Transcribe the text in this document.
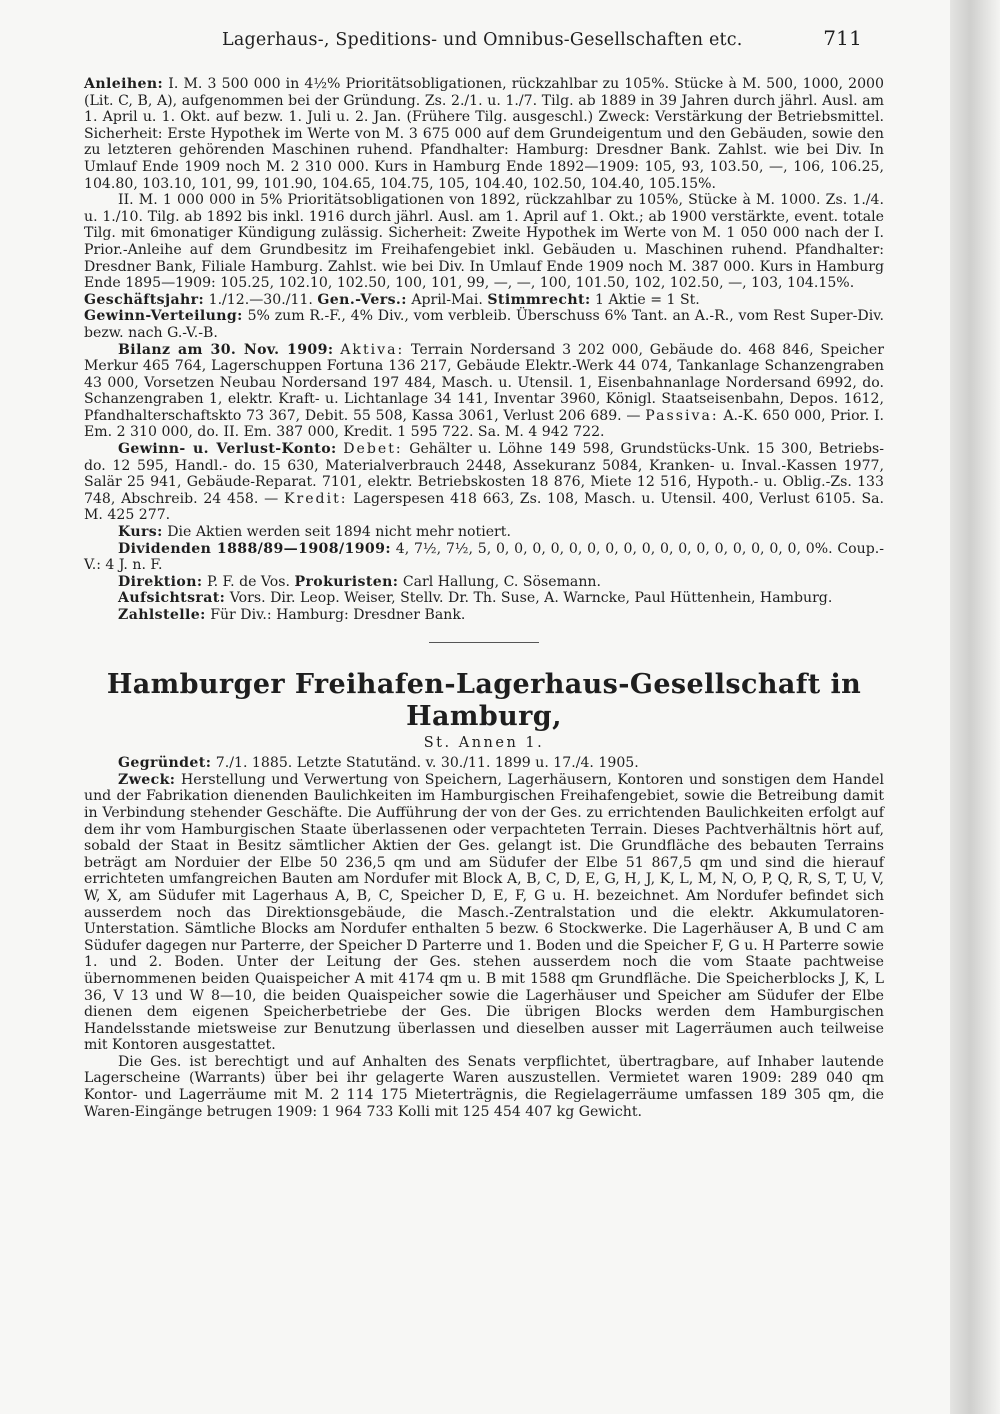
Lagerhaus-, Speditions- und Omnibus-Gesellschaften etc.	711

Anleihen: I. M. 3 500 000 in 4½% Prioritätsobligationen, rückzahlbar zu 105%. Stücke à M. 500, 1000, 2000 (Lit. C, B, A), aufgenommen bei der Gründung. Zs. 2./1. u. 1./7. Tilg. ab 1889 in 39 Jahren durch jährl. Ausl. am 1. April u. 1. Okt. auf bezw. 1. Juli u. 2. Jan. (Frühere Tilg. ausgeschl.) Zweck: Verstärkung der Betriebsmittel. Sicherheit: Erste Hypothek im Werte von M. 3 675 000 auf dem Grundeigentum und den Gebäuden, sowie den zu letzteren gehörenden Maschinen ruhend. Pfandhalter: Hamburg: Dresdner Bank. Zahlst. wie bei Div. In Umlauf Ende 1909 noch M. 2 310 000. Kurs in Hamburg Ende 1892—1909: 105, 93, 103.50, —, 106, 106.25, 104.80, 103.10, 101, 99, 101.90, 104.65, 104.75, 105, 104.40, 102.50, 104.40, 105.15%.

II. M. 1 000 000 in 5% Prioritätsobligationen von 1892, rückzahlbar zu 105%, Stücke à M. 1000. Zs. 1./4. u. 1./10. Tilg. ab 1892 bis inkl. 1916 durch jährl. Ausl. am 1. April auf 1. Okt.; ab 1900 verstärkte, event. totale Tilg. mit 6monatiger Kündigung zulässig. Sicherheit: Zweite Hypothek im Werte von M. 1 050 000 nach der I. Prior.-Anleihe auf dem Grundbesitz im Freihafengebiet inkl. Gebäuden u. Maschinen ruhend. Pfandhalter: Dresdner Bank, Filiale Hamburg. Zahlst. wie bei Div. In Umlauf Ende 1909 noch M. 387 000. Kurs in Hamburg Ende 1895—1909: 105.25, 102.10, 102.50, 100, 101, 99, —, —, 100, 101.50, 102, 102.50, —, 103, 104.15%.

Geschäftsjahr: 1./12.—30./11. Gen.-Vers.: April-Mai. Stimmrecht: 1 Aktie = 1 St.

Gewinn-Verteilung: 5% zum R.-F., 4% Div., vom verbleib. Überschuss 6% Tant. an A.-R., vom Rest Super-Div. bezw. nach G.-V.-B.

Bilanz am 30. Nov. 1909: Aktiva: Terrain Nordersand 3 202 000, Gebäude do. 468 846, Speicher Merkur 465 764, Lagerschuppen Fortuna 136 217, Gebäude Elektr.-Werk 44 074, Tankanlage Schanzengraben 43 000, Vorsetzen Neubau Nordersand 197 484, Masch. u. Utensil. 1, Eisenbahnanlage Nordersand 6992, do. Schanzengraben 1, elektr. Kraft- u. Lichtanlage 34 141, Inventar 3960, Königl. Staatseisenbahn, Depos. 1612, Pfandhalterschaftskto 73 367, Debit. 55 508, Kassa 3061, Verlust 206 689. — Passiva: A.-K. 650 000, Prior. I. Em. 2 310 000, do. II. Em. 387 000, Kredit. 1 595 722. Sa. M. 4 942 722.

Gewinn- u. Verlust-Konto: Debet: Gehälter u. Löhne 149 598, Grundstücks-Unk. 15 300, Betriebs- do. 12 595, Handl.- do. 15 630, Materialverbrauch 2448, Assekuranz 5084, Kranken- u. Inval.-Kassen 1977, Salär 25 941, Gebäude-Reparat. 7101, elektr. Betriebskosten 18 876, Miete 12 516, Hypoth.- u. Oblig.-Zs. 133 748, Abschreib. 24 458. — Kredit: Lagerspesen 418 663, Zs. 108, Masch. u. Utensil. 400, Verlust 6105. Sa. M. 425 277.

Kurs: Die Aktien werden seit 1894 nicht mehr notiert.

Dividenden 1888/89—1908/1909: 4, 7½, 7½, 5, 0, 0, 0, 0, 0, 0, 0, 0, 0, 0, 0, 0, 0, 0, 0, 0, 0, 0%. Coup.-V.: 4 J. n. F.

Direktion: P. F. de Vos. Prokuristen: Carl Hallung, C. Sösemann.

Aufsichtsrat: Vors. Dir. Leop. Weiser, Stellv. Dr. Th. Suse, A. Warncke, Paul Hüttenhein, Hamburg.

Zahlstelle: Für Div.: Hamburg: Dresdner Bank.

Hamburger Freihafen-Lagerhaus-Gesellschaft in Hamburg,
St. Annen 1.

Gegründet: 7./1. 1885. Letzte Statutänd. v. 30./11. 1899 u. 17./4. 1905.

Zweck: Herstellung und Verwertung von Speichern, Lagerhäusern, Kontoren und sonstigen dem Handel und der Fabrikation dienenden Baulichkeiten im Hamburgischen Freihafengebiet, sowie die Betreibung damit in Verbindung stehender Geschäfte. Die Aufführung der von der Ges. zu errichtenden Baulichkeiten erfolgt auf dem ihr vom Hamburgischen Staate überlassenen oder verpachteten Terrain. Dieses Pachtverhältnis hört auf, sobald der Staat in Besitz sämtlicher Aktien der Ges. gelangt ist. Die Grundfläche des bebauten Terrains beträgt am Norduier der Elbe 50 236,5 qm und am Südufer der Elbe 51 867,5 qm und sind die hierauf errichteten umfangreichen Bauten am Nordufer mit Block A, B, C, D, E, G, H, J, K, L, M, N, O, P, Q, R, S, T, U, V, W, X, am Südufer mit Lagerhaus A, B, C, Speicher D, E, F, G u. H. bezeichnet. Am Nordufer befindet sich ausserdem noch das Direktionsgebäude, die Masch.-Zentralstation und die elektr. Akkumulatoren-Unterstation. Sämtliche Blocks am Nordufer enthalten 5 bezw. 6 Stockwerke. Die Lagerhäuser A, B und C am Südufer dagegen nur Parterre, der Speicher D Parterre und 1. Boden und die Speicher F, G u. H Parterre sowie 1. und 2. Boden. Unter der Leitung der Ges. stehen ausserdem noch die vom Staate pachtweise übernommenen beiden Quaispeicher A mit 4174 qm u. B mit 1588 qm Grundfläche. Die Speicherblocks J, K, L 36, V 13 und W 8—10, die beiden Quaispeicher sowie die Lagerhäuser und Speicher am Südufer der Elbe dienen dem eigenen Speicherbetriebe der Ges. Die übrigen Blocks werden dem Hamburgischen Handelsstande mietsweise zur Benutzung überlassen und dieselben ausser mit Lagerräumen auch teilweise mit Kontoren ausgestattet.

Die Ges. ist berechtigt und auf Anhalten des Senats verpflichtet, übertragbare, auf Inhaber lautende Lagerscheine (Warrants) über bei ihr gelagerte Waren auszustellen. Vermietet waren 1909: 289 040 qm Kontor- und Lagerräume mit M. 2 114 175 Mieterträgnis, die Regielagerräume umfassen 189 305 qm, die Waren-Eingänge betrugen 1909: 1 964 733 Kolli mit 125 454 407 kg Gewicht.
